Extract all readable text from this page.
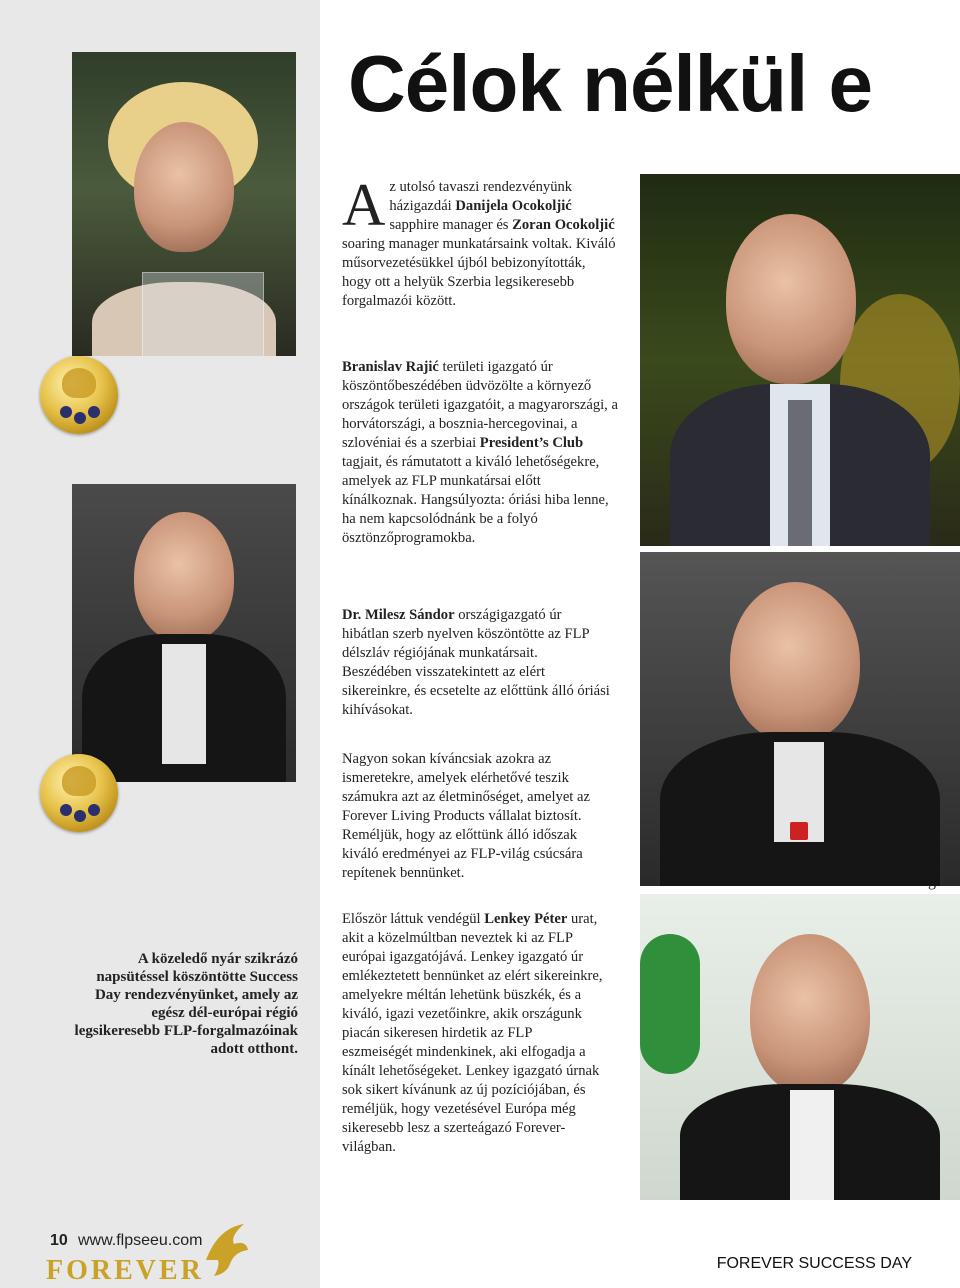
A közeledő nyár szikrázó napsütéssel köszöntötte Success Day rendezvényünket, amely az egész dél-európai régió legsikeresebb FLP-forgalmazóinak adott otthont.

Célok nélkül e

Az utolsó tavaszi rendezvényünk házigazdái Danijela Ocokoljić sapphire manager és Zoran Ocokoljić soaring manager munkatársaink voltak. Kiváló műsorvezetésükkel újból bebizonyították, hogy ott a helyük Szerbia legsikeresebb forgalmazói között.

Branislav Rajić területi igazgató úr köszöntőbeszédében üdvözölte a környező országok területi igazgatóit, a magyarországi, a horvátországi, a bosznia-hercegovinai, a szlovéniai és a szerbiai President’s Club tagjait, és rámutatott a kiváló lehetőségekre, amelyek az FLP munkatársai előtt kínálkoznak. Hangsúlyozta: óriási hiba lenne, ha nem kapcsolódnánk be a folyó ösztönzőprogramokba.

Dr. Milesz Sándor országigazgató úr hibátlan szerb nyelven köszöntötte az FLP délszláv régiójának munkatársait. Beszédében visszatekintett az elért sikereinkre, és ecsetelte az előttünk álló óriási kihívásokat.

Nagyon sokan kíváncsiak azokra az ismeretekre, amelyek elérhetővé teszik számukra azt az életminőséget, amelyet az Forever Living Products vállalat biztosít. Reméljük, hogy az előttünk álló időszak kiváló eredményei az FLP-világ csúcsára repítenek bennünket.

Először láttuk vendégül Lenkey Péter urat, akit a közelmúltban neveztek ki az FLP európai igazgatójává. Lenkey igazgató úr emlékeztetett bennünket az elért sikereinkre, amelyekre méltán lehetünk büszkék, és a kiváló, igazi vezetőinkre, akik országunk piacán sikeresen hirdetik az FLP eszmeiségét mindenkinek, aki elfogadja a kínált lehetőségeket. Lenkey igazgató úrnak sok sikert kívánunk az új pozíciójában, és reméljük, hogy vezetésével Európa még sikeresebb lesz a szerteágazó Forever-világban.

10 www.flpseeu.com
FOREVER	FOREVER SUCCESS DAY
